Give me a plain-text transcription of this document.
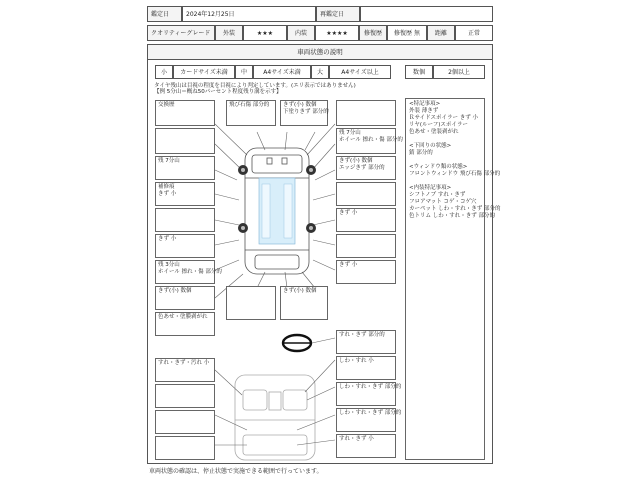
鑑定日	2024年12月25日	再鑑定日
クオリティーグレード	外装	★★★	内装	★★★★	修復歴	修復歴 無	距離	正常
車両状態の説明
小	カードサイズ未満	中	A4サイズ未満	大	A4サイズ以上	数個	2個以上
タイヤ残山は目視の程度を目視により判定しています。(エリ表示ではありません)
【例 5分山＝概ね50パーセント程度残り溝を示す】
交換歴
残 7分山
補修痕
きず 小
きず 小
残 3分山
ホイール 擦れ・傷 部分的
きず(小) 数個
色あせ・塗膜剥がれ
飛び石傷 部分的	きず(小) 数個
下塗りきず 部分的
残 7分山
ホイール 擦れ・傷 部分的
きず(小) 数個
エッジきず 部分的
きず 小
きず 小
きず(小) 数個
すれ・きず・汚れ 小
すれ・きず 部分的
しわ・すれ 小
しわ・すれ・きず 部分的
しわ・すれ・きず 部分的
すれ・きず 小
<特記事項>
外装 薄きず
Ｒサイドスポイラー きず 小
リヤ(ルーフ)スポイラー
色あせ・塗装剥がれ

<下回りの状態>
錆 部分的

<ウィンドウ類の状態>
フロントウィンドウ 飛び石傷 部分的

<内装特記事項>
シフトノブ すれ・きず
フロアマット コゲ・コゲ穴
カーペット しわ・すれ・きず 部分的
色トリム しわ・すれ・きず 部分的
車両状態の確認は、停止状態で実施できる範囲で行っています。
